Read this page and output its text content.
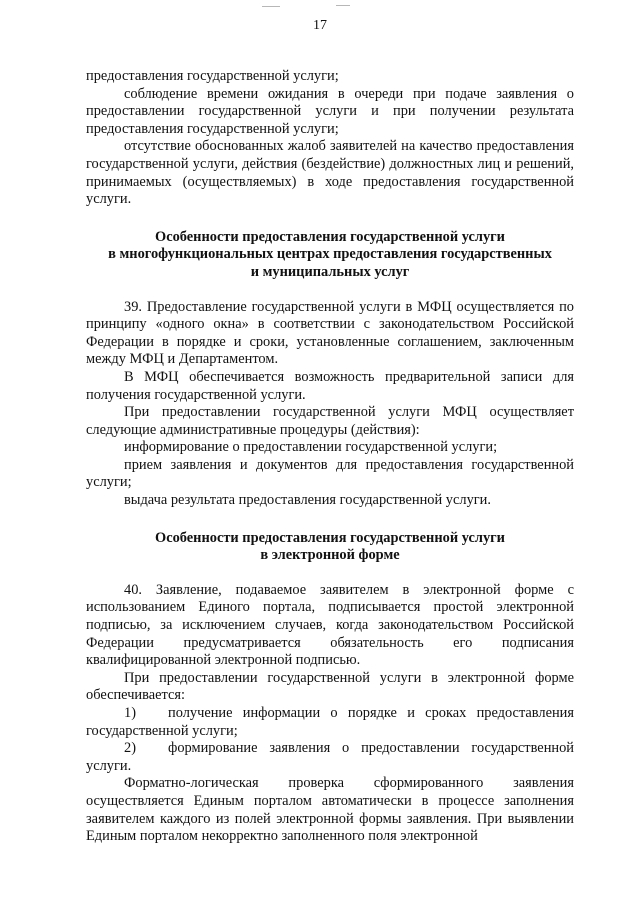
17

предоставления государственной услуги;

соблюдение времени ожидания в очереди при подаче заявления о предоставлении государственной услуги и при получении результата предоставления государственной услуги;

отсутствие обоснованных жалоб заявителей на качество предоставления государственной услуги, действия (бездействие) должностных лиц и решений, принимаемых (осуществляемых) в ходе предоставления государственной услуги.

Особенности предоставления государственной услуги
в многофункциональных центрах предоставления государственных
и муниципальных услуг

39. Предоставление государственной услуги в МФЦ осуществляется по принципу «одного окна» в соответствии с законодательством Российской Федерации в порядке и сроки, установленные соглашением, заключенным между МФЦ и Департаментом.

В МФЦ обеспечивается возможность предварительной записи для получения государственной услуги.

При предоставлении государственной услуги МФЦ осуществляет следующие административные процедуры (действия):

информирование о предоставлении государственной услуги;

прием заявления и документов для предоставления государственной услуги;

выдача результата предоставления государственной услуги.

Особенности предоставления государственной услуги
в электронной форме

40. Заявление, подаваемое заявителем в электронной форме с использованием Единого портала, подписывается простой электронной подписью, за исключением случаев, когда законодательством Российской Федерации предусматривается обязательность его подписания квалифицированной электронной подписью.

При предоставлении государственной услуги в электронной форме обеспечивается:

1) получение информации о порядке и сроках предоставления государственной услуги;

2) формирование заявления о предоставлении государственной услуги.

Форматно-логическая проверка сформированного заявления осуществляется Единым порталом автоматически в процессе заполнения заявителем каждого из полей электронной формы заявления. При выявлении Единым порталом некорректно заполненного поля электронной
